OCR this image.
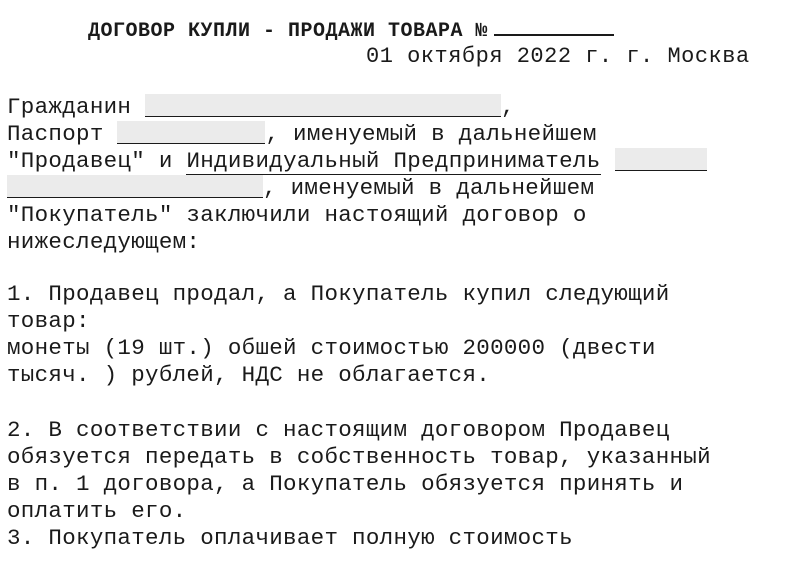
ДОГОВОР КУПЛИ - ПРОДАЖИ ТОВАРА №
01 октября 2022 г. г. Москва
Гражданин	,
Паспорт	, именуемый в дальнейшем
"Продавец" и Индивидуальный Предприниматель
, именуемый в дальнейшем
"Покупатель" заключили настоящий договор о
нижеследующем:
1. Продавец продал, а Покупатель купил следующий
товар:
монеты (19 шт.) обшей стоимостью 200000 (двести
тысяч. ) рублей, НДС не облагается.
2. В соответствии с настоящим договором Продавец
обязуется передать в собственность товар, указанный
в п. 1 договора, а Покупатель обязуется принять и
оплатить его.
3. Покупатель оплачивает полную стоимость
